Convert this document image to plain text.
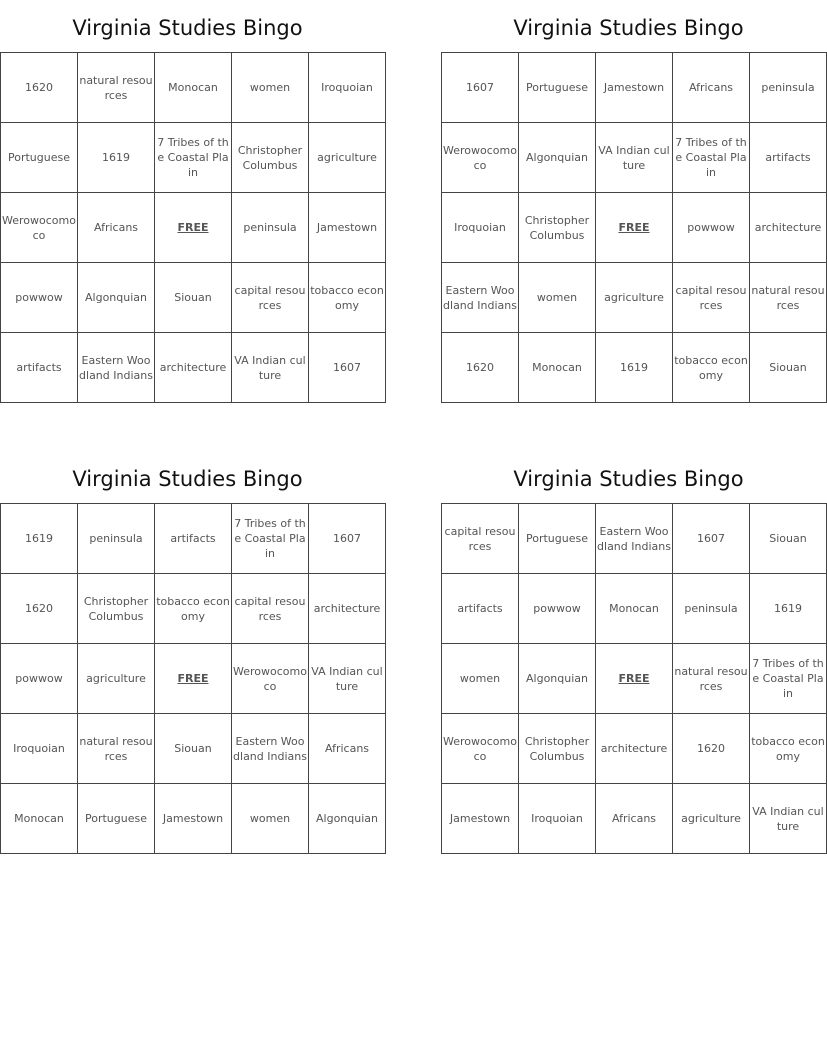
Virginia Studies Bingo
1620	natural resources	Monocan	women	Iroquoian
Portuguese	1619	7 Tribes of the Coastal Plain	Christopher Columbus	agriculture
Werowocomoco	Africans	FREE	peninsula	Jamestown
powwow	Algonquian	Siouan	capital resources	tobacco economy
artifacts	Eastern Woodland Indians	architecture	VA Indian culture	1607
Virginia Studies Bingo
1607	Portuguese	Jamestown	Africans	peninsula
Werowocomoco	Algonquian	VA Indian culture	7 Tribes of the Coastal Plain	artifacts
Iroquoian	Christopher Columbus	FREE	powwow	architecture
Eastern Woodland Indians	women	agriculture	capital resources	natural resources
1620	Monocan	1619	tobacco economy	Siouan
Virginia Studies Bingo
1619	peninsula	artifacts	7 Tribes of the Coastal Plain	1607
1620	Christopher Columbus	tobacco economy	capital resources	architecture
powwow	agriculture	FREE	Werowocomoco	VA Indian culture
Iroquoian	natural resources	Siouan	Eastern Woodland Indians	Africans
Monocan	Portuguese	Jamestown	women	Algonquian
Virginia Studies Bingo
capital resources	Portuguese	Eastern Woodland Indians	1607	Siouan
artifacts	powwow	Monocan	peninsula	1619
women	Algonquian	FREE	natural resources	7 Tribes of the Coastal Plain
Werowocomoco	Christopher Columbus	architecture	1620	tobacco economy
Jamestown	Iroquoian	Africans	agriculture	VA Indian culture
